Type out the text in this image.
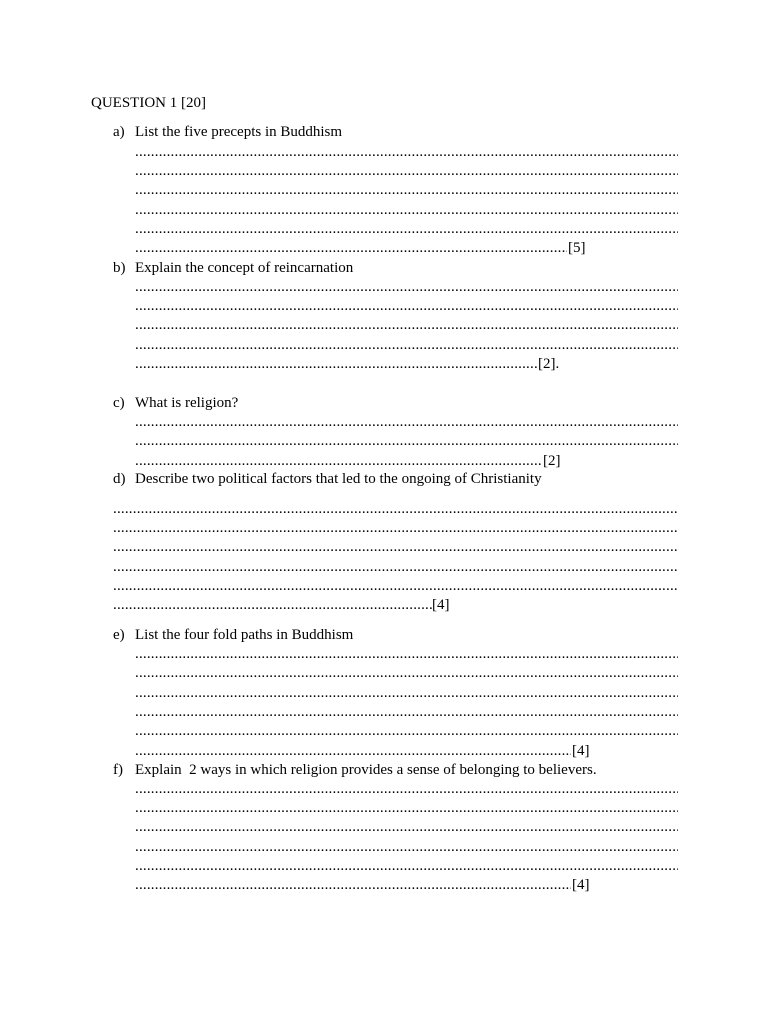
QUESTION 1 [20]
a) List the five precepts in Buddhism
.....
.....
.....
.....
.....
.....
[5]
b) Explain the concept of reincarnation
.....
.....
.....
.....
.....
[2].
c) What is religion?
.....
.....
.....
[2]
d) Describe two political factors that led to the ongoing of Christianity
.....
.....
.....
.....
.....
.....
[4]
e) List the four fold paths in Buddhism
.....
.....
.....
.....
.....
.....
[4]
f) Explain  2 ways in which religion provides a sense of belonging to believers.
.....
.....
.....
.....
.....
.....
[4]
